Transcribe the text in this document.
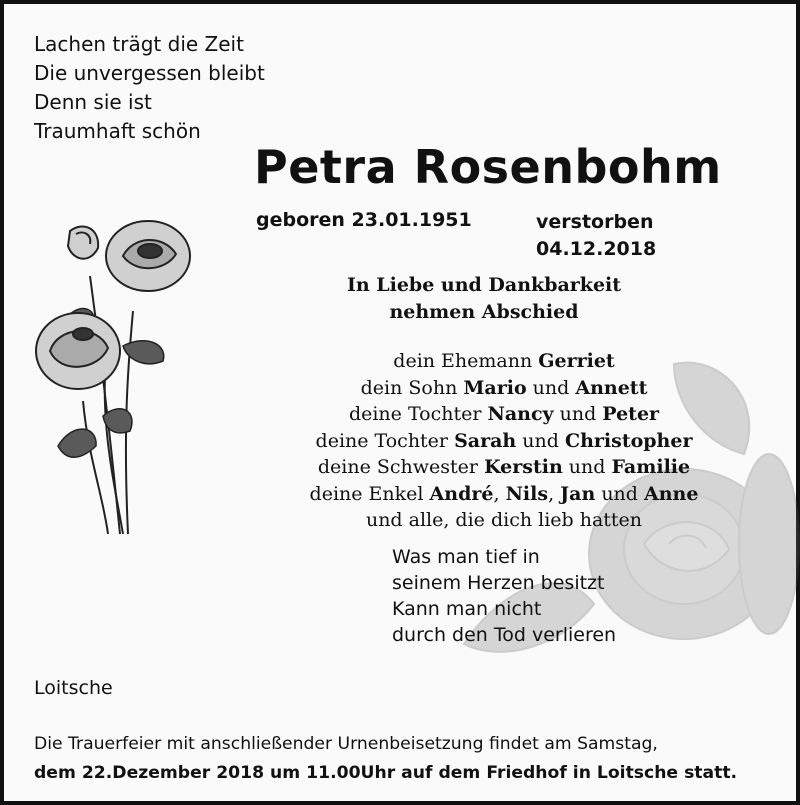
Lachen trägt die Zeit
Die unvergessen bleibt
Denn sie ist
Traumhaft schön
Petra Rosenbohm
geboren 23.01.1951	verstorben
04.12.2018
In Liebe und Dankbarkeit
nehmen Abschied
dein Ehemann Gerriet
dein Sohn Mario und Annett
deine Tochter Nancy und Peter
deine Tochter Sarah und Christopher
deine Schwester Kerstin und Familie
deine Enkel André, Nils, Jan und Anne
und alle, die dich lieb hatten
Was man tief in
seinem Herzen besitzt
Kann man nicht
durch den Tod verlieren
Loitsche
Die Trauerfeier mit anschließender Urnenbeisetzung findet am Samstag,
dem 22.Dezember 2018 um 11.00Uhr auf dem Friedhof in Loitsche statt.
